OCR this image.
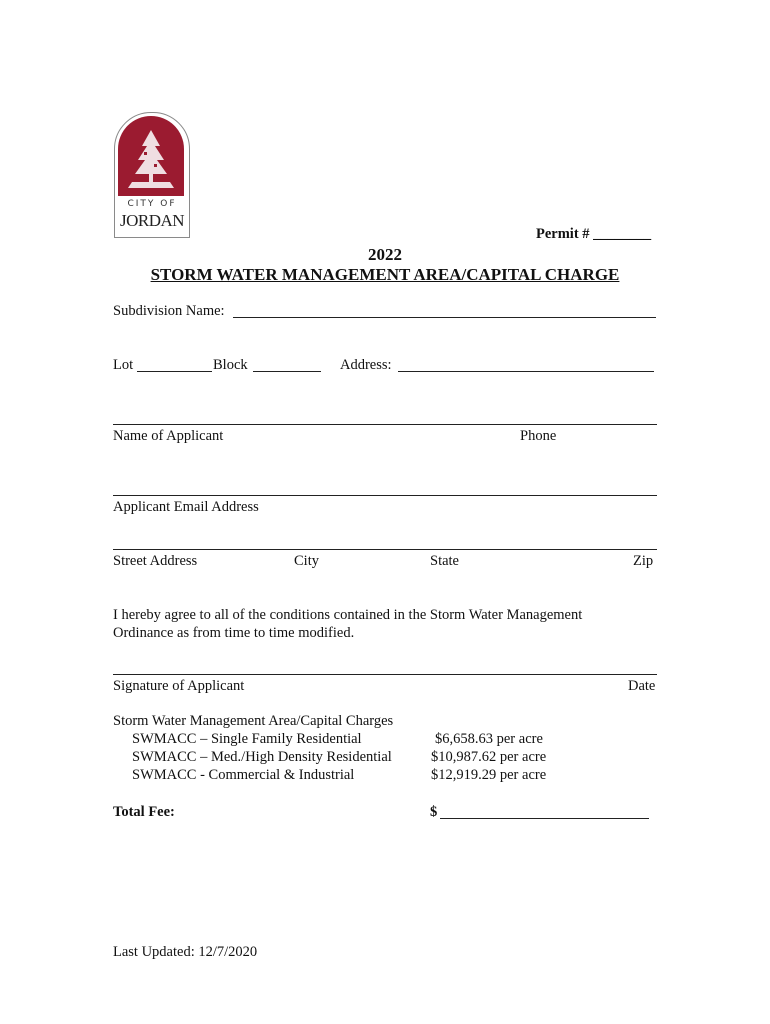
CITY OF
JORDAN
Permit # ________
2022
STORM WATER MANAGEMENT AREA/CAPITAL CHARGE
Subdivision Name:
Lot	Block	Address:
Name of Applicant	Phone
Applicant Email Address
Street Address	City	State	Zip
I hereby agree to all of the conditions contained in the Storm Water Management
Ordinance as from time to time modified.
Signature of Applicant	Date
Storm Water Management Area/Capital Charges
SWMACC – Single Family Residential	$6,658.63 per acre
SWMACC – Med./High Density Residential	$10,987.62 per acre
SWMACC - Commercial & Industrial	$12,919.29 per acre
Total Fee:	$
Last Updated: 12/7/2020
